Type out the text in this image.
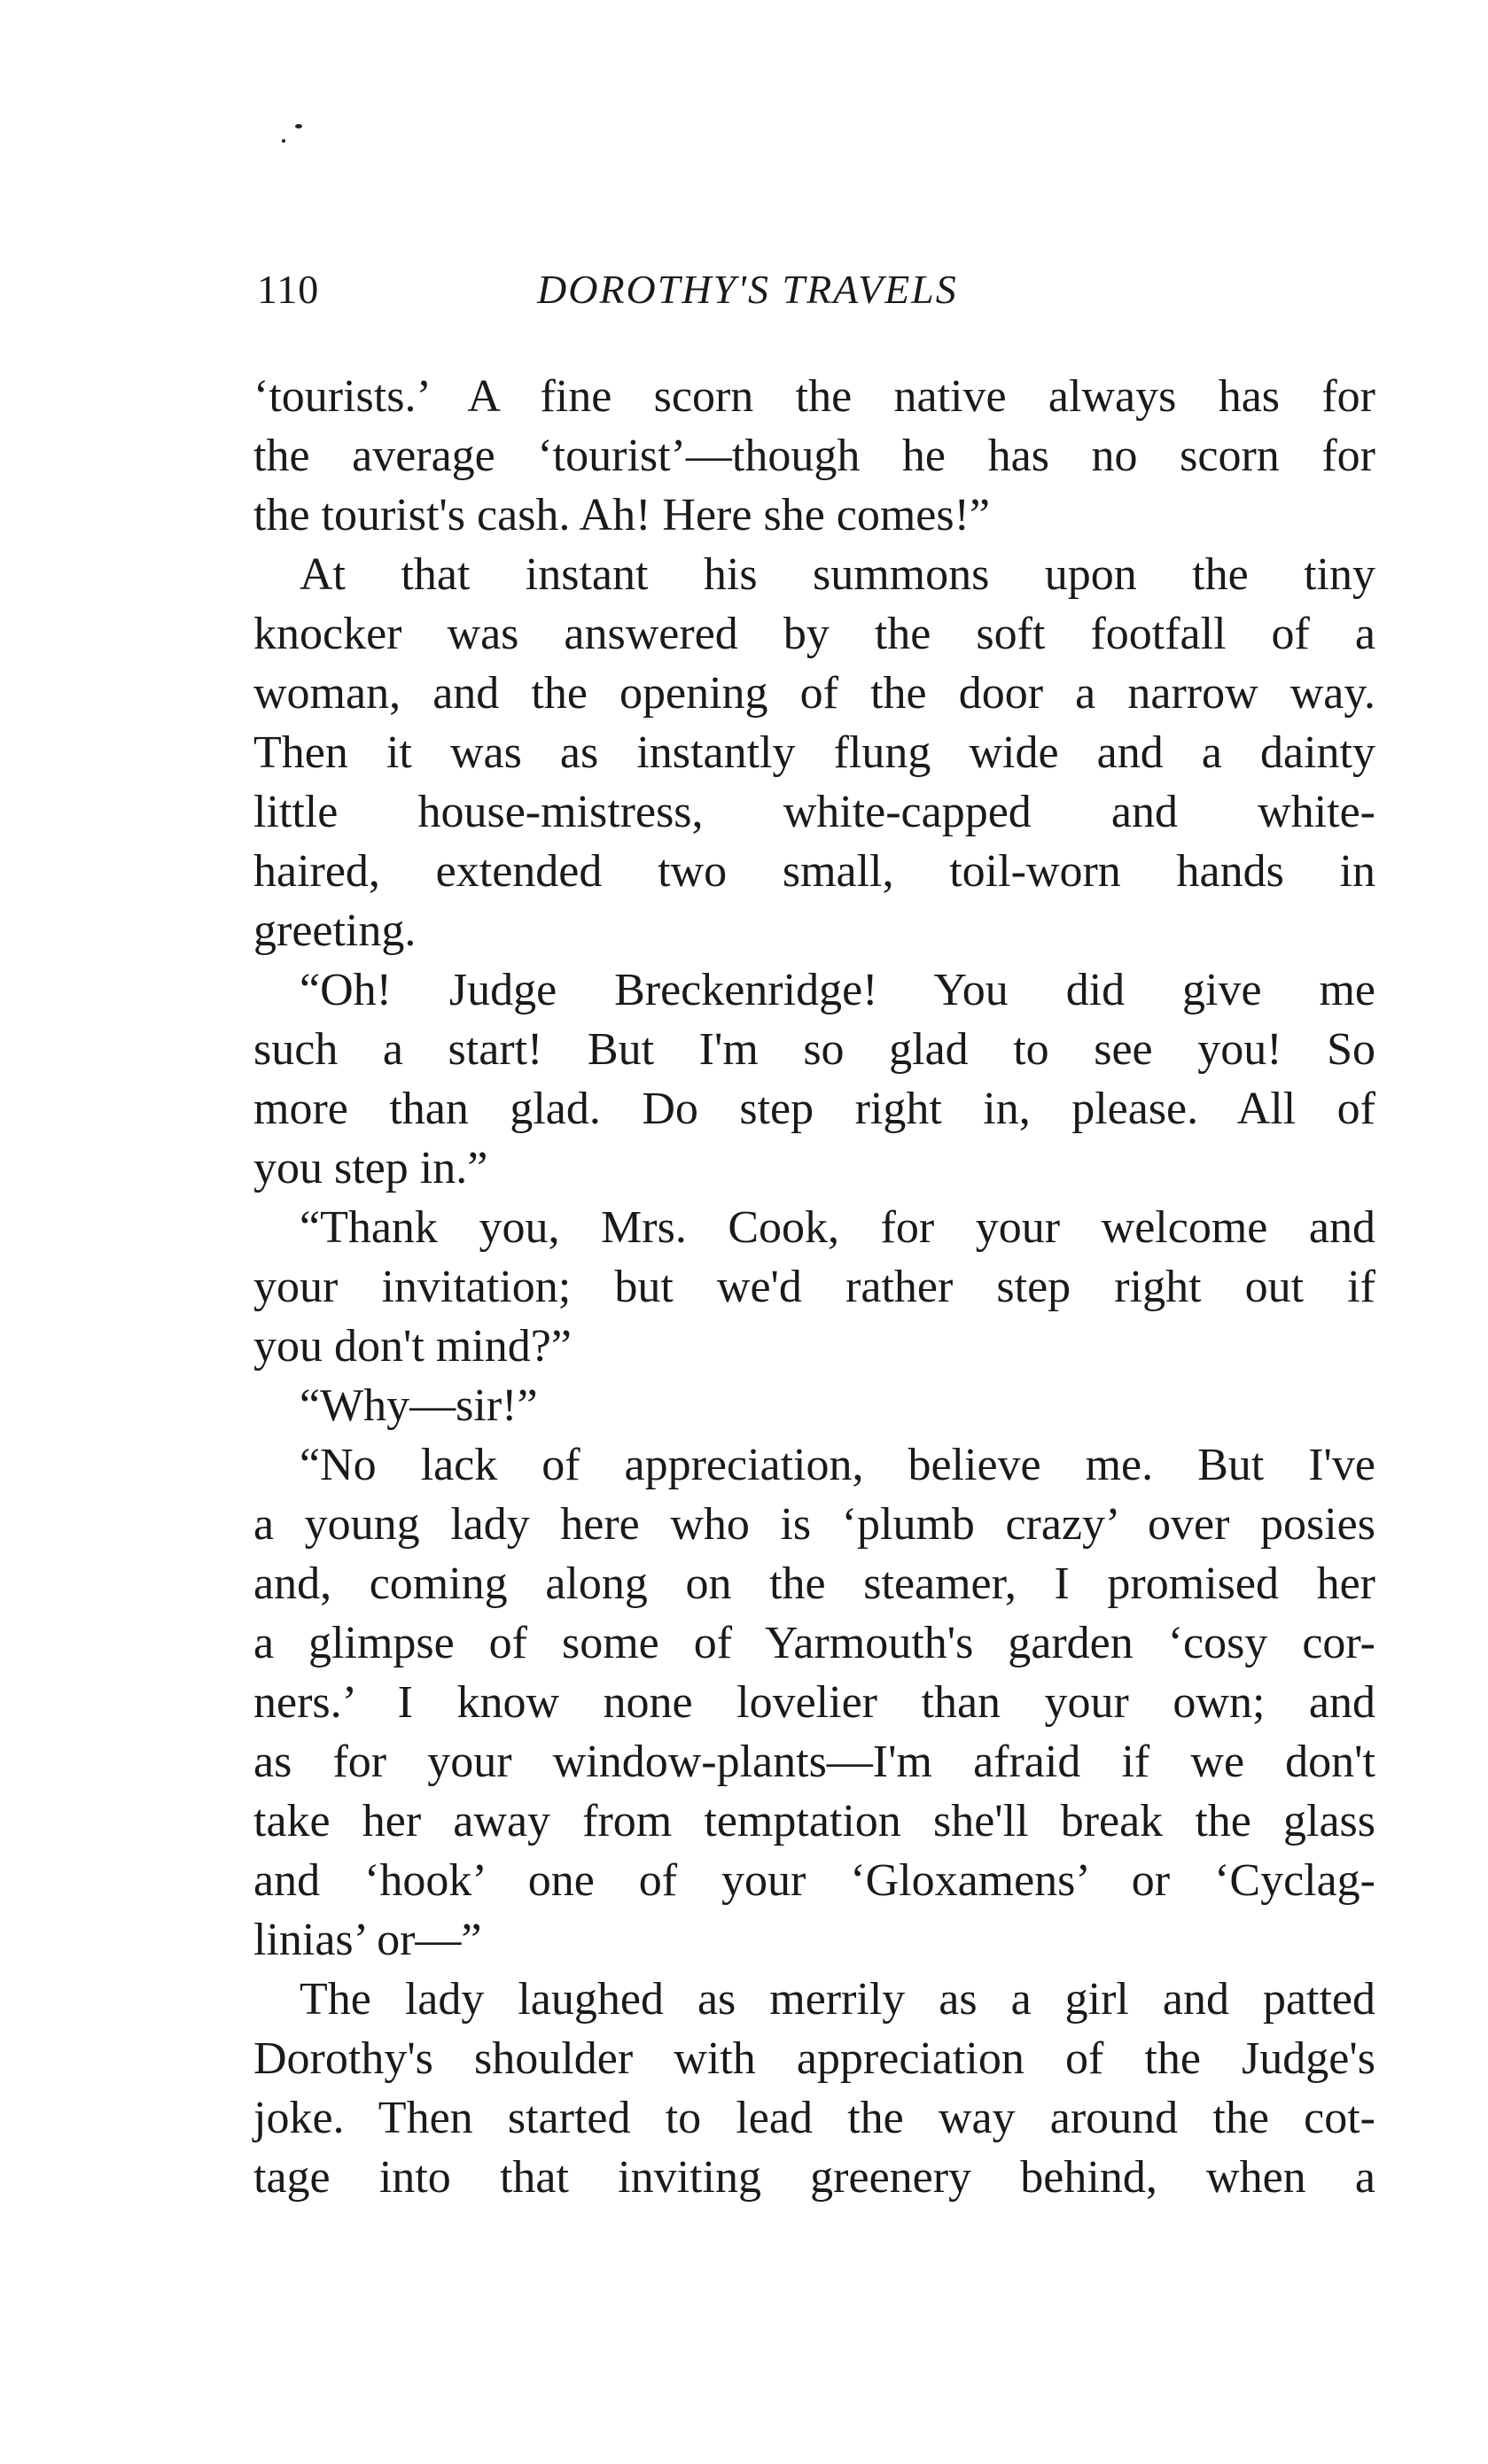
110	DOROTHY'S TRAVELS
‘tourists.’ A fine scorn the native always has for
the average ‘tourist’—though he has no scorn for
the tourist's cash. Ah! Here she comes!”
At that instant his summons upon the tiny
knocker was answered by the soft footfall of a
woman, and the opening of the door a narrow way.
Then it was as instantly flung wide and a dainty
little house-mistress, white-capped and white-
haired, extended two small, toil-worn hands in
greeting.
“Oh! Judge Breckenridge! You did give me
such a start! But I'm so glad to see you! So
more than glad. Do step right in, please. All of
you step in.”
“Thank you, Mrs. Cook, for your welcome and
your invitation; but we'd rather step right out if
you don't mind?”
“Why—sir!”
“No lack of appreciation, believe me. But I've
a young lady here who is ‘plumb crazy’ over posies
and, coming along on the steamer, I promised her
a glimpse of some of Yarmouth's garden ‘cosy cor-
ners.’ I know none lovelier than your own; and
as for your window-plants—I'm afraid if we don't
take her away from temptation she'll break the glass
and ‘hook’ one of your ‘Gloxamens’ or ‘Cyclag-
linias’ or—”
The lady laughed as merrily as a girl and patted
Dorothy's shoulder with appreciation of the Judge's
joke. Then started to lead the way around the cot-
tage into that inviting greenery behind, when a
